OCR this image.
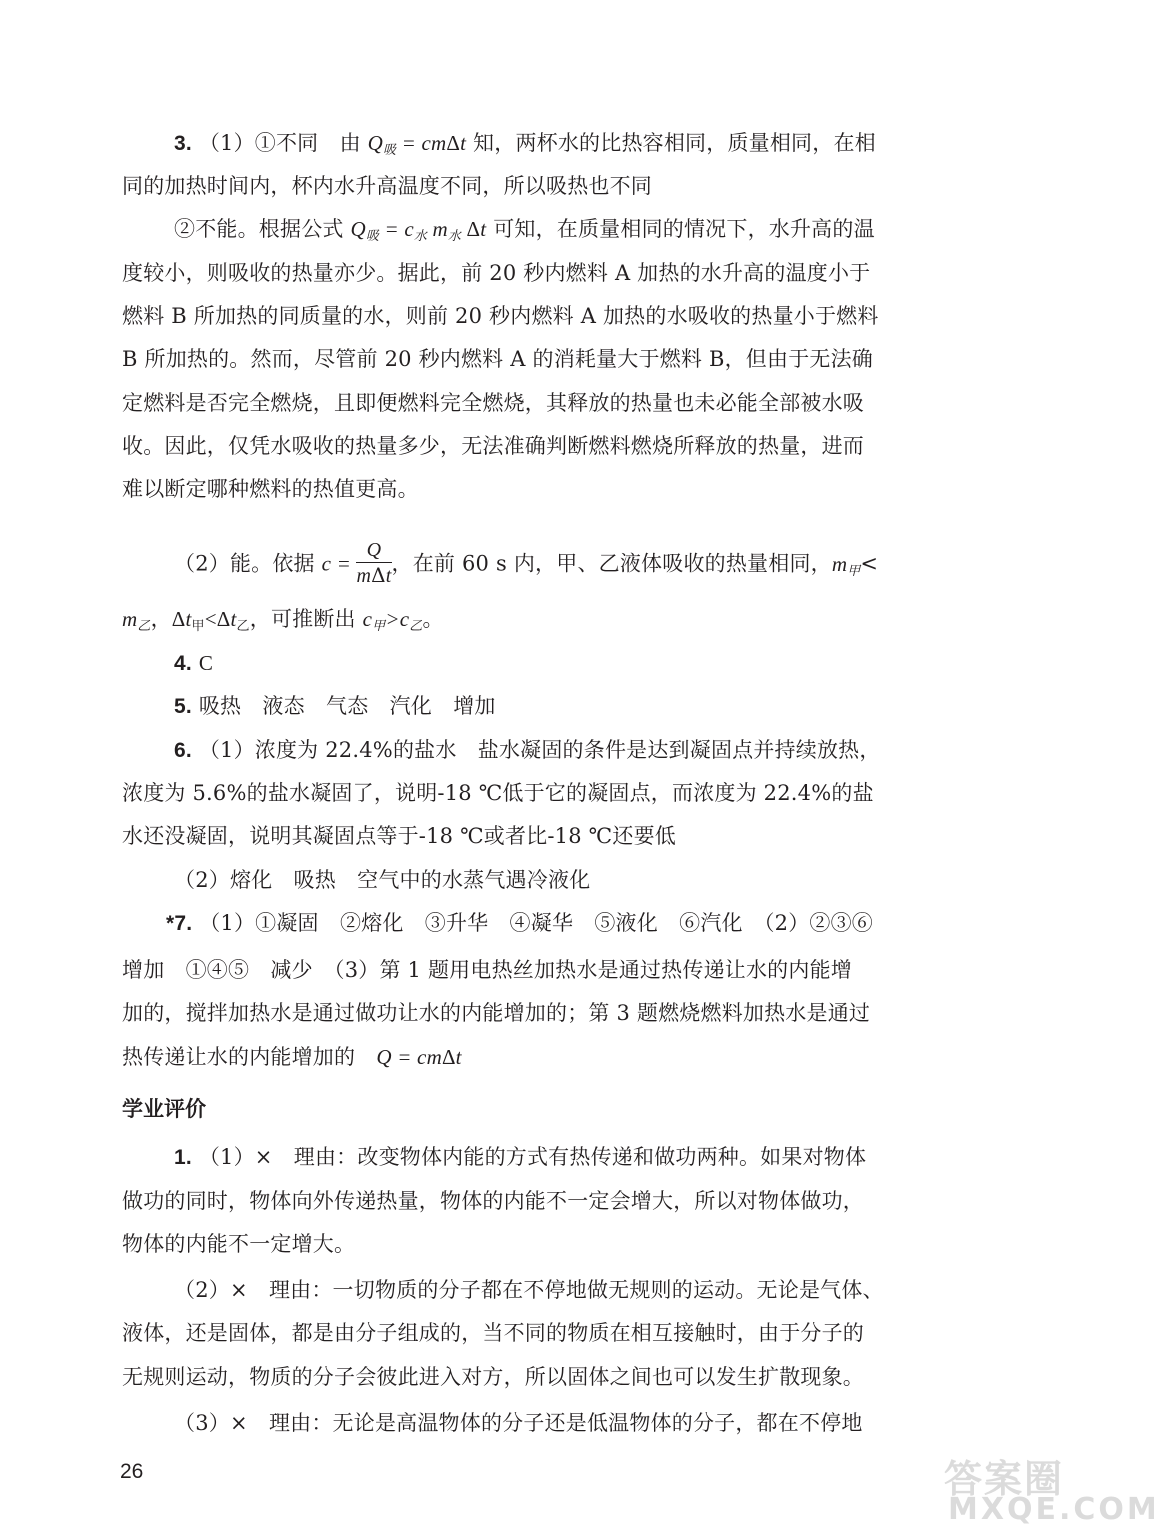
3. （1）①不同　由 $Q_吸 = cm\Delta t$ 知，两杯水的比热容相同，质量相同，在相
同的加热时间内，杯内水升高温度不同，所以吸热也不同
②不能。根据公式 $Q_吸 = c_水$ $m_水$ Δt 可知，在质量相同的情况下，水升高的温
度较小，则吸收的热量亦少。据此，前 20 秒内燃料 A 加热的水升高的温度小于
燃料 B 所加热的同质量的水，则前 20 秒内燃料 A 加热的水吸收的热量小于燃料
B 所加热的。然而，尽管前 20 秒内燃料 A 的消耗量大于燃料 B，但由于无法确
定燃料是否完全燃烧，且即便燃料完全燃烧，其释放的热量也未必能全部被水吸
收。因此，仅凭水吸收的热量多少，无法准确判断燃料燃烧所释放的热量，进而
难以断定哪种燃料的热值更高。
（2）能。依据 $c = \frac{Q}{\text{mΔt}}$ ，在前 60 s 内，甲、乙液体吸收的热量相同，$m_甲<$
$m_乙$，$\Delta t_甲<\Delta t_乙$，可推断出 $c_甲>c_乙$。
4. C
5. 吸热　液态　气态　汽化　增加
6. （1）浓度为 22.4%的盐水　盐水凝固的条件是达到凝固点并持续放热，
浓度为 5.6%的盐水凝固了，说明-18 ℃低于它的凝固点，而浓度为 22.4%的盐
水还没凝固，说明其凝固点等于-18 ℃或者比-18 ℃还要低
（2）熔化　吸热　空气中的水蒸气遇冷液化
*7. （1）①凝固　②熔化　③升华　④凝华　⑤液化　⑥汽化　（2）②③⑥
增加　①④⑤　减少　（3）第 1 题用电热丝加热水是通过热传递让水的内能增
加的，搅拌加热水是通过做功让水的内能增加的；第 3 题燃烧燃料加热水是通过
热传递让水的内能增加的　Q = cmΔt
学业评价
1. （1）×　理由：改变物体内能的方式有热传递和做功两种。如果对物体
做功的同时，物体向外传递热量，物体的内能不一定会增大，所以对物体做功，
物体的内能不一定增大。
（2）×　理由：一切物质的分子都在不停地做无规则的运动。无论是气体、
液体，还是固体，都是由分子组成的，当不同的物质在相互接触时，由于分子的
无规则运动，物质的分子会彼此进入对方，所以固体之间也可以发生扩散现象。
（3）×　理由：无论是高温物体的分子还是低温物体的分子，都在不停地
26	答案圈
MXQE.COM
